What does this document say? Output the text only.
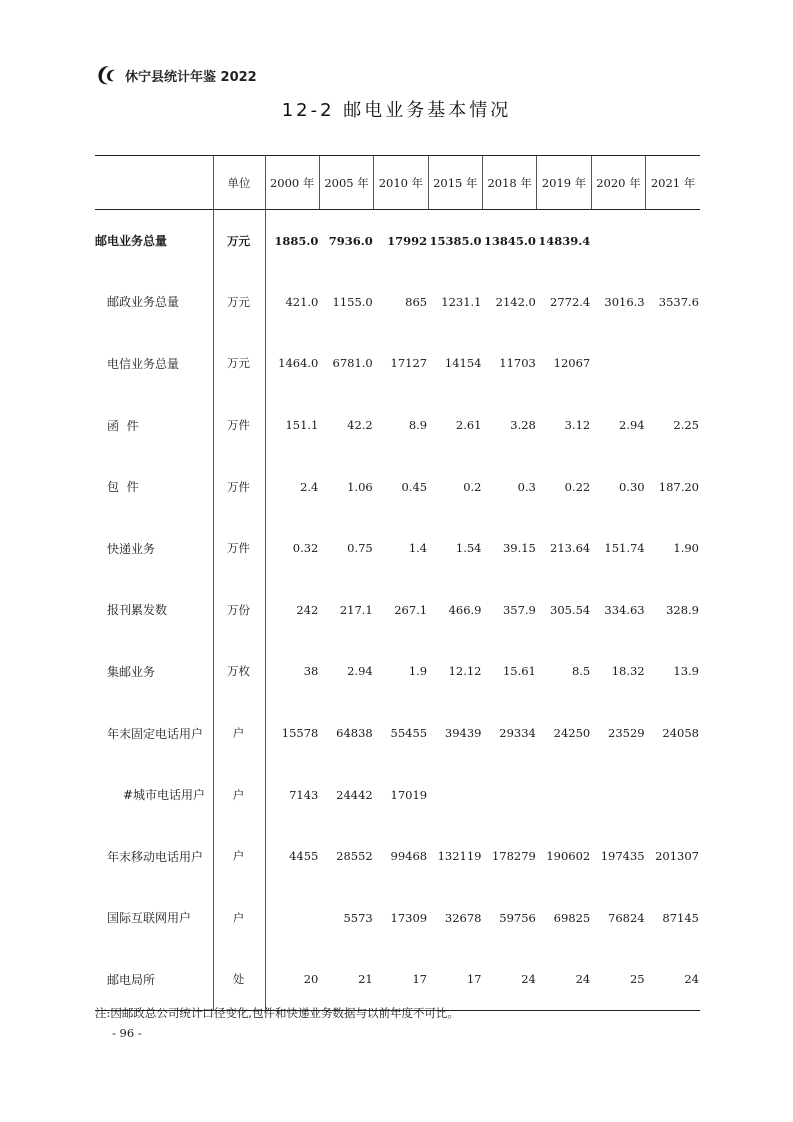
休宁县统计年鉴 2022
12-2 邮电业务基本情况
	单位	2000 年	2005 年	2010 年	2015 年	2018 年	2019 年	2020 年	2021 年
邮电业务总量	万元	1885.0	7936.0	17992	15385.0	13845.0	14839.4		
邮政业务总量	万元	421.0	1155.0	865	1231.1	2142.0	2772.4	3016.3	3537.6
电信业务总量	万元	1464.0	6781.0	17127	14154	11703	12067		
函  件	万件	151.1	42.2	8.9	2.61	3.28	3.12	2.94	2.25
包  件	万件	2.4	1.06	0.45	0.2	0.3	0.22	0.30	187.20
快递业务	万件	0.32	0.75	1.4	1.54	39.15	213.64	151.74	1.90
报刊累发数	万份	242	217.1	267.1	466.9	357.9	305.54	334.63	328.9
集邮业务	万枚	38	2.94	1.9	12.12	15.61	8.5	18.32	13.9
年末固定电话用户	户	15578	64838	55455	39439	29334	24250	23529	24058
#城市电话用户	户	7143	24442	17019					
年末移动电话用户	户	4455	28552	99468	132119	178279	190602	197435	201307
国际互联网用户	户		5573	17309	32678	59756	69825	76824	87145
邮电局所	处	20	21	17	17	24	24	25	24
注:因邮政总公司统计口径变化,包件和快递业务数据与以前年度不可比。
- 96 -
